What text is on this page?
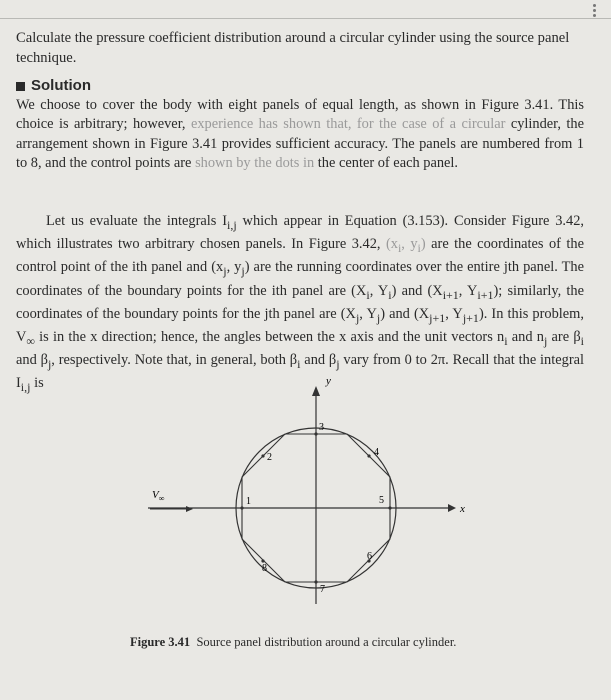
Calculate the pressure coefficient distribution around a circular cylinder using the source panel technique.
Solution
We choose to cover the body with eight panels of equal length, as shown in Figure 3.41. This choice is arbitrary; however, experience has shown that, for the case of a circular cylinder, the arrangement shown in Figure 3.41 provides sufficient accuracy. The panels are numbered from 1 to 8, and the control points are shown by the dots in the center of each panel.
Let us evaluate the integrals $I_{i,j}$ which appear in Equation (3.153). Consider Figure 3.42, which illustrates two arbitrary chosen panels. In Figure 3.42, ($x_i$, $y_i$) are the coordinates of the control point of the ith panel and ($x_j$, $y_j$) are the running coordinates over the entire jth panel. The coordinates of the boundary points for the ith panel are ($X_i$, $Y_i$) and ($X_{i+1}$, $Y_{i+1}$); similarly, the coordinates of the boundary points for the jth panel are ($X_j$, $Y_j$) and ($X_{j+1}$, $Y_{j+1}$). In this problem, $V_\infty$ is in the x direction; hence, the angles between the x axis and the unit vectors $n_i$ and $n_j$ are $\beta_i$ and $\beta_j$, respectively. Note that, in general, both $\beta_i$ and $\beta_j$ vary from 0 to 2π. Recall that the integral $I_{i,j}$ is	y
x
1
2
3
4
5
6
7
8
$V_\infty$
Figure 3.41 Source panel distribution around a circular cylinder.
